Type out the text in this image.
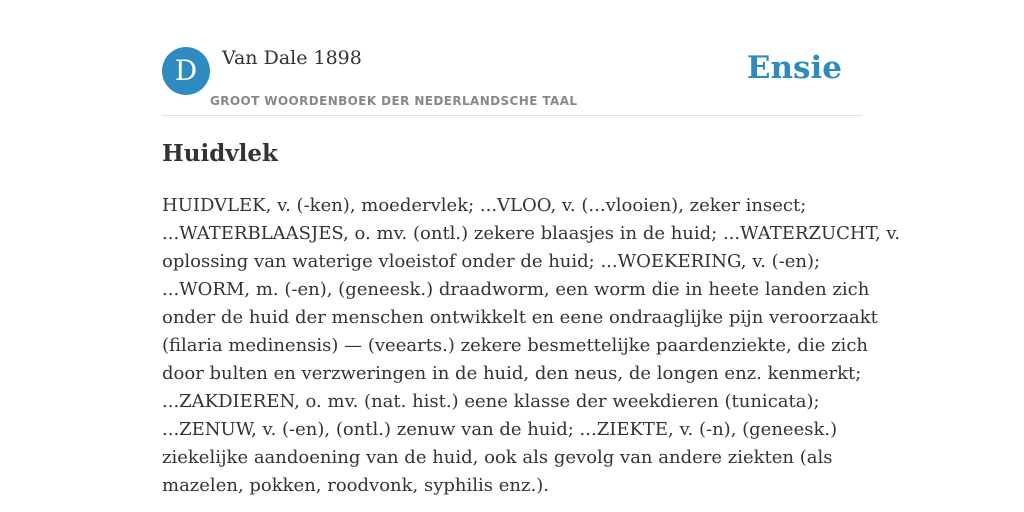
D	Van Dale 1898
GROOT WOORDENBOEK DER NEDERLANDSCHE TAAL
Ensie
Huidvlek
HUIDVLEK, v. (-ken), moedervlek; ...VLOO, v. (...vlooien), zeker insect;
...WATERBLAASJES, o. mv. (ontl.) zekere blaasjes in de huid; ...WATERZUCHT, v.
oplossing van waterige vloeistof onder de huid; ...WOEKERING, v. (-en);
...WORM, m. (-en), (geneesk.) draadworm, een worm die in heete landen zich
onder de huid der menschen ontwikkelt en eene ondraaglijke pijn veroorzaakt
(filaria medinensis) — (veearts.) zekere besmettelijke paardenziekte, die zich
door bulten en verzweringen in de huid, den neus, de longen enz. kenmerkt;
...ZAKDIEREN, o. mv. (nat. hist.) eene klasse der weekdieren (tunicata);
...ZENUW, v. (-en), (ontl.) zenuw van de huid; ...ZIEKTE, v. (-n), (geneesk.)
ziekelijke aandoening van de huid, ook als gevolg van andere ziekten (als
mazelen, pokken, roodvonk, syphilis enz.).
